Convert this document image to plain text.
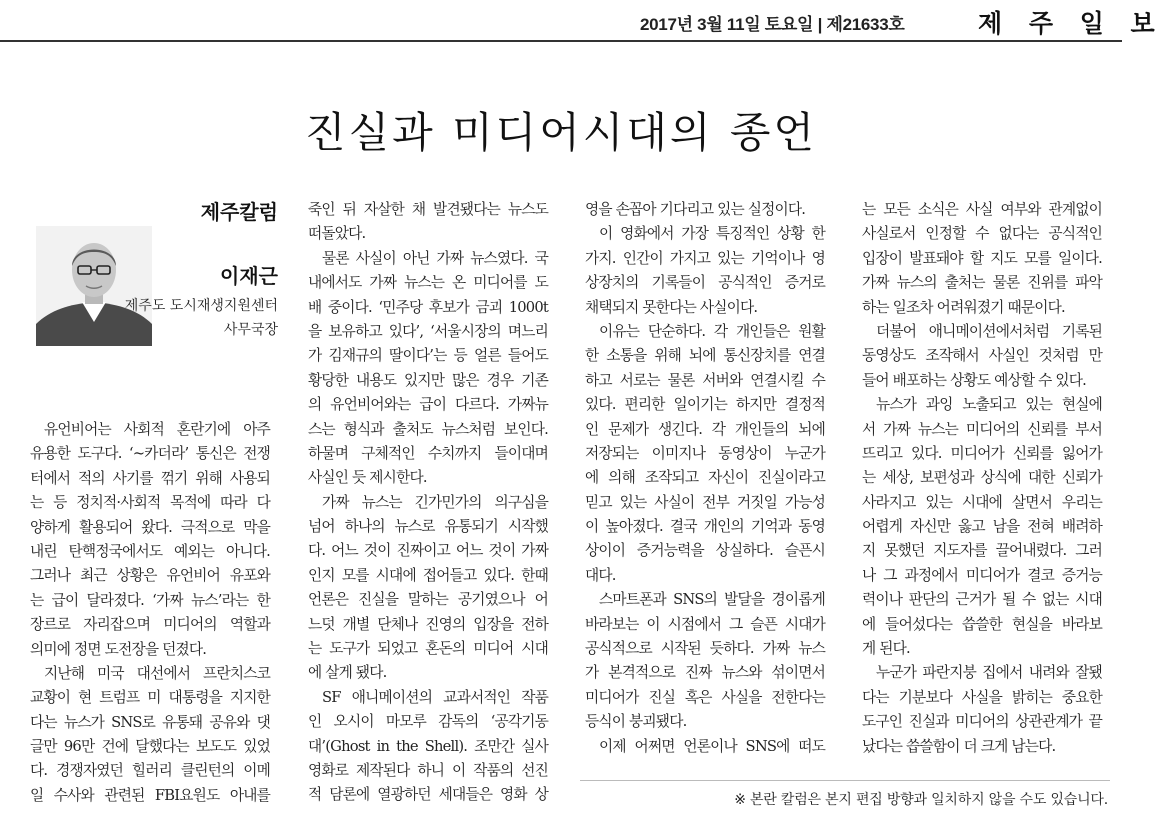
2017년 3월 11일 토요일 | 제21633호	제 주 일 보
진실과 미디어시대의 종언
제주칼럼
이재근
제주도 도시재생지원센터
사무국장
유언비어는 사회적 혼란기에 아주
유용한 도구다. ‘~카더라’ 통신은 전쟁
터에서 적의 사기를 꺾기 위해 사용되
는 등 정치적·사회적 목적에 따라 다
양하게 활용되어 왔다. 극적으로 막을
내린 탄핵정국에서도 예외는 아니다.
그러나 최근 상황은 유언비어 유포와
는 급이 달라졌다. ‘가짜 뉴스’라는 한
장르로 자리잡으며 미디어의 역할과
의미에 정면 도전장을 던졌다.
지난해 미국 대선에서 프란치스코
교황이 현 트럼프 미 대통령을 지지한
다는 뉴스가 SNS로 유통돼 공유와 댓
글만 96만 건에 달했다는 보도도 있었
다. 경쟁자였던 힐러리 클린턴의 이메
일 수사와 관련된 FBI요원도 아내를
죽인 뒤 자살한 채 발견됐다는 뉴스도
떠돌았다.
물론 사실이 아닌 가짜 뉴스였다. 국
내에서도 가짜 뉴스는 온 미디어를 도
배 중이다. ‘민주당 후보가 금괴 1000t
을 보유하고 있다’, ‘서울시장의 며느리
가 김재규의 딸이다’는 등 얼른 들어도
황당한 내용도 있지만 많은 경우 기존
의 유언비어와는 급이 다르다. 가짜뉴
스는 형식과 출처도 뉴스처럼 보인다.
하물며 구체적인 수치까지 들이대며
사실인 듯 제시한다.
가짜 뉴스는 긴가민가의 의구심을
넘어 하나의 뉴스로 유통되기 시작했
다. 어느 것이 진짜이고 어느 것이 가짜
인지 모를 시대에 접어들고 있다. 한때
언론은 진실을 말하는 공기였으나 어
느덧 개별 단체나 진영의 입장을 전하
는 도구가 되었고 혼돈의 미디어 시대
에 살게 됐다.
SF 애니메이션의 교과서적인 작품
인 오시이 마모루 감독의 ‘공각기동
대’(Ghost in the Shell). 조만간 실사
영화로 제작된다 하니 이 작품의 선진
적 담론에 열광하던 세대들은 영화 상
영을 손꼽아 기다리고 있는 실정이다.
이 영화에서 가장 특징적인 상황 한
가지. 인간이 가지고 있는 기억이나 영
상장치의 기록들이 공식적인 증거로
채택되지 못한다는 사실이다.
이유는 단순하다. 각 개인들은 원활
한 소통을 위해 뇌에 통신장치를 연결
하고 서로는 물론 서버와 연결시킬 수
있다. 편리한 일이기는 하지만 결정적
인 문제가 생긴다. 각 개인들의 뇌에
저장되는 이미지나 동영상이 누군가
에 의해 조작되고 자신이 진실이라고
믿고 있는 사실이 전부 거짓일 가능성
이 높아졌다. 결국 개인의 기억과 동영
상이이 증거능력을 상실하다. 슬픈시
대다.
스마트폰과 SNS의 발달을 경이롭게
바라보는 이 시점에서 그 슬픈 시대가
공식적으로 시작된 듯하다. 가짜 뉴스
가 본격적으로 진짜 뉴스와 섞이면서
미디어가 진실 혹은 사실을 전한다는
등식이 붕괴됐다.
이제 어쩌면 언론이나 SNS에 떠도
는 모든 소식은 사실 여부와 관계없이
사실로서 인정할 수 없다는 공식적인
입장이 발표돼야 할 지도 모를 일이다.
가짜 뉴스의 출처는 물론 진위를 파악
하는 일조차 어려워졌기 때문이다.
더불어 애니메이션에서처럼 기록된
동영상도 조작해서 사실인 것처럼 만
들어 배포하는 상황도 예상할 수 있다.
뉴스가 과잉 노출되고 있는 현실에
서 가짜 뉴스는 미디어의 신뢰를 부서
뜨리고 있다. 미디어가 신뢰를 잃어가
는 세상, 보편성과 상식에 대한 신뢰가
사라지고 있는 시대에 살면서 우리는
어렵게 자신만 옳고 남을 전혀 배려하
지 못했던 지도자를 끌어내렸다. 그러
나 그 과정에서 미디어가 결코 증거능
력이나 판단의 근거가 될 수 없는 시대
에 들어섰다는 씁쓸한 현실을 바라보
게 된다.
누군가 파란지붕 집에서 내려와 잘됐
다는 기분보다 사실을 밝히는 중요한
도구인 진실과 미디어의 상관관계가 끝
났다는 씁쓸함이 더 크게 남는다.
※ 본란 칼럼은 본지 편집 방향과 일치하지 않을 수도 있습니다.
